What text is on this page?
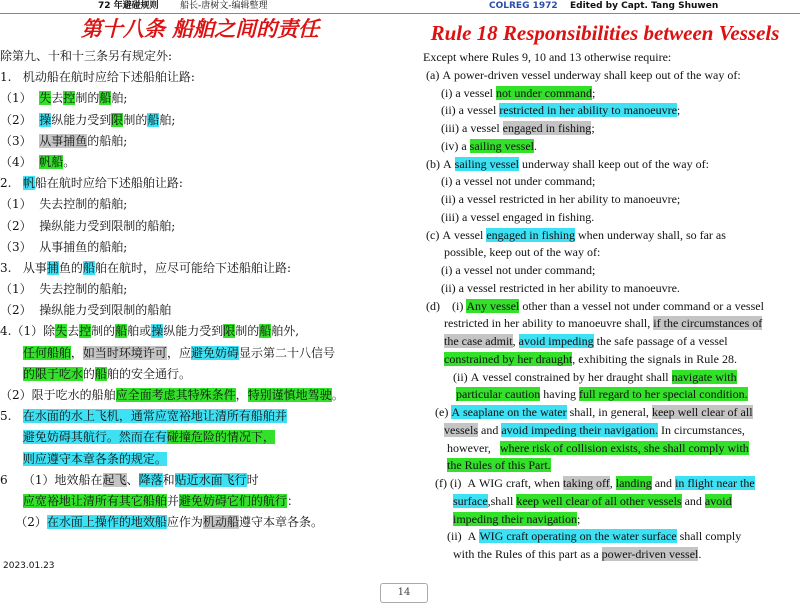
72 年避碰规则 船长-唐树文-编辑整理	COLREG 1972 Edited by Capt. Tang Shuwen
第十八条 船舶之间的责任	Rule 18 Responsibilities between Vessels
除第九、十和十三条另有规定外:
1.   机动船在航时应给下述船舶让路:
（1）  失去控制的船舶;
（2）  操纵能力受到限制的船舶;
（3）  从事捕鱼的船舶;
（4）  帆船。
2.   帆船在航时应给下述船舶让路:
（1）  失去控制的船舶;
（2）  操纵能力受到限制的船舶;
（3）  从事捕鱼的船舶;
3.   从事捕鱼的船舶在航时，应尽可能给下述船舶让路:
（1）  失去控制的船舶;
（2）  操纵能力受到限制的船舶
4.（1）除失去控制的船舶或操纵能力受到限制的船舶外,
任何船舶，如当时环境许可，应避免妨碍显示第二十八信号
的限于吃水的船舶的安全通行。
（2）限于吃水的船舶应全面考虑其特殊条件，特别谨慎地驾驶。
5.   在水面的水上飞机，通常应宽裕地让清所有船舶并
避免妨碍其航行。然而在有碰撞危险的情况下，
则应遵守本章各条的规定。
6    （1）地效船在起飞、降落和贴近水面飞行时
应宽裕地让清所有其它船舶并避免妨碍它们的航行：
（2）在水面上操作的地效船应作为机动船遵守本章各条。
Except where Rules 9, 10 and 13 otherwise require:
(a) A power-driven vessel underway shall keep out of the way of:
(i) a vessel not under command;
(ii) a vessel restricted in her ability to manoeuvre;
(iii) a vessel engaged in fishing;
(iv) a sailing vessel.
(b) A sailing vessel underway shall keep out of the way of:
(i) a vessel not under command;
(ii) a vessel restricted in her ability to manoeuvre;
(iii) a vessel engaged in fishing.
(c) A vessel engaged in fishing when underway shall, so far as
possible, keep out of the way of:
(i) a vessel not under command;
(ii) a vessel restricted in her ability to manoeuvre.
(d)    (i) Any vessel other than a vessel not under command or a vessel
restricted in her ability to manoeuvre shall, if the circumstances of
the case admit, avoid impeding the safe passage of a vessel
constrained by her draught, exhibiting the signals in Rule 28.
(ii) A vessel constrained by her draught shall navigate with
particular caution having full regard to her special condition.
(e) A seaplane on the water shall, in general, keep well clear of all
vessels and avoid impeding their navigation. In circumstances,
however,   where risk of collision exists, she shall comply with
the Rules of this Part.
(f) (i)  A WIG craft, when taking off, landing and in flight near the
surface,shall keep well clear of all other vessels and avoid
impeding their navigation;
(ii)  A WIG craft operating on the water surface shall comply
with the Rules of this part as a power-driven vessel.
2023.01.23
14
